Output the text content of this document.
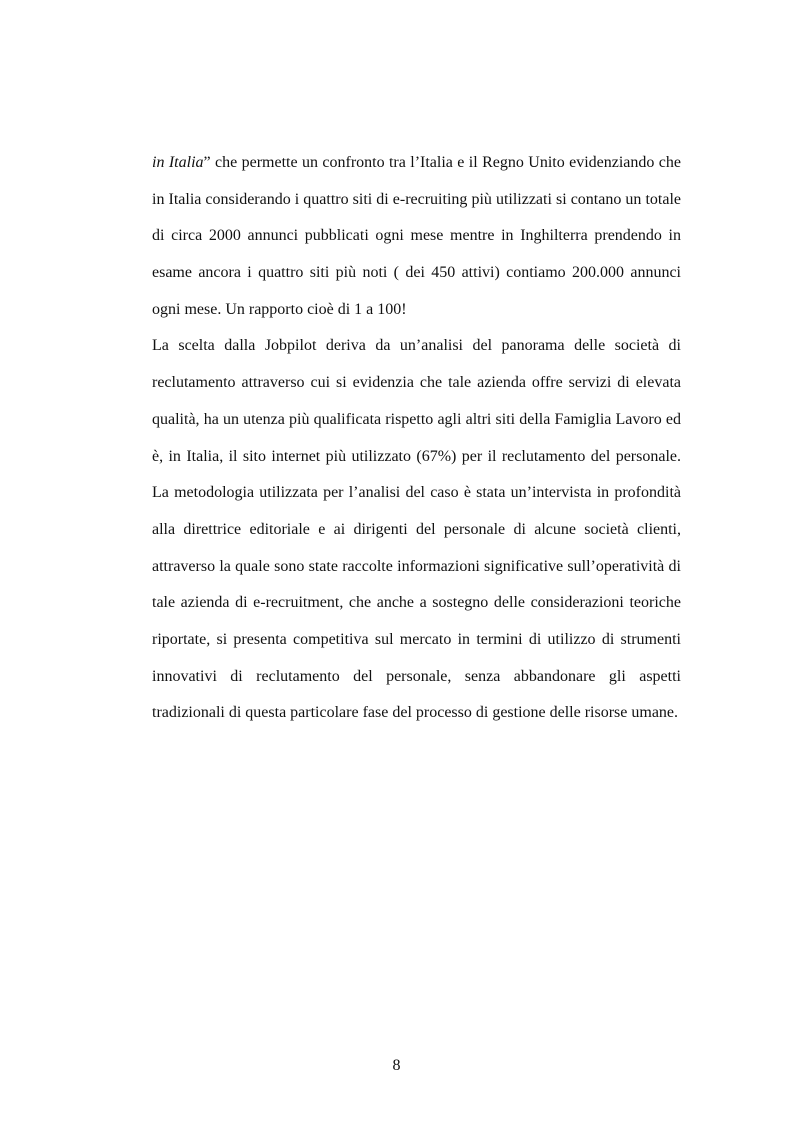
in Italia” che permette un confronto tra l’Italia e il Regno Unito evidenziando che
in Italia considerando i quattro siti di e-recruiting più utilizzati si contano un totale
di circa 2000 annunci pubblicati ogni mese mentre in Inghilterra prendendo in
esame ancora i quattro siti più noti ( dei 450 attivi) contiamo 200.000 annunci
ogni mese. Un rapporto cioè di 1 a 100!
La scelta dalla Jobpilot deriva da un’analisi del panorama delle società di
reclutamento attraverso cui si evidenzia che tale azienda offre servizi di elevata
qualità, ha un utenza più qualificata rispetto agli altri siti della Famiglia Lavoro ed
è, in Italia, il sito internet più utilizzato (67%) per il reclutamento del personale.
La metodologia utilizzata per l’analisi del caso è stata un’intervista in profondità
alla direttrice editoriale e ai dirigenti del personale di alcune società clienti,
attraverso la quale sono state raccolte informazioni significative sull’operatività di
tale azienda di e-recruitment, che anche a sostegno delle considerazioni teoriche
riportate, si presenta competitiva sul mercato in termini di utilizzo di strumenti
innovativi di reclutamento del personale, senza abbandonare gli aspetti
tradizionali di questa particolare fase del processo di gestione delle risorse umane.
8
